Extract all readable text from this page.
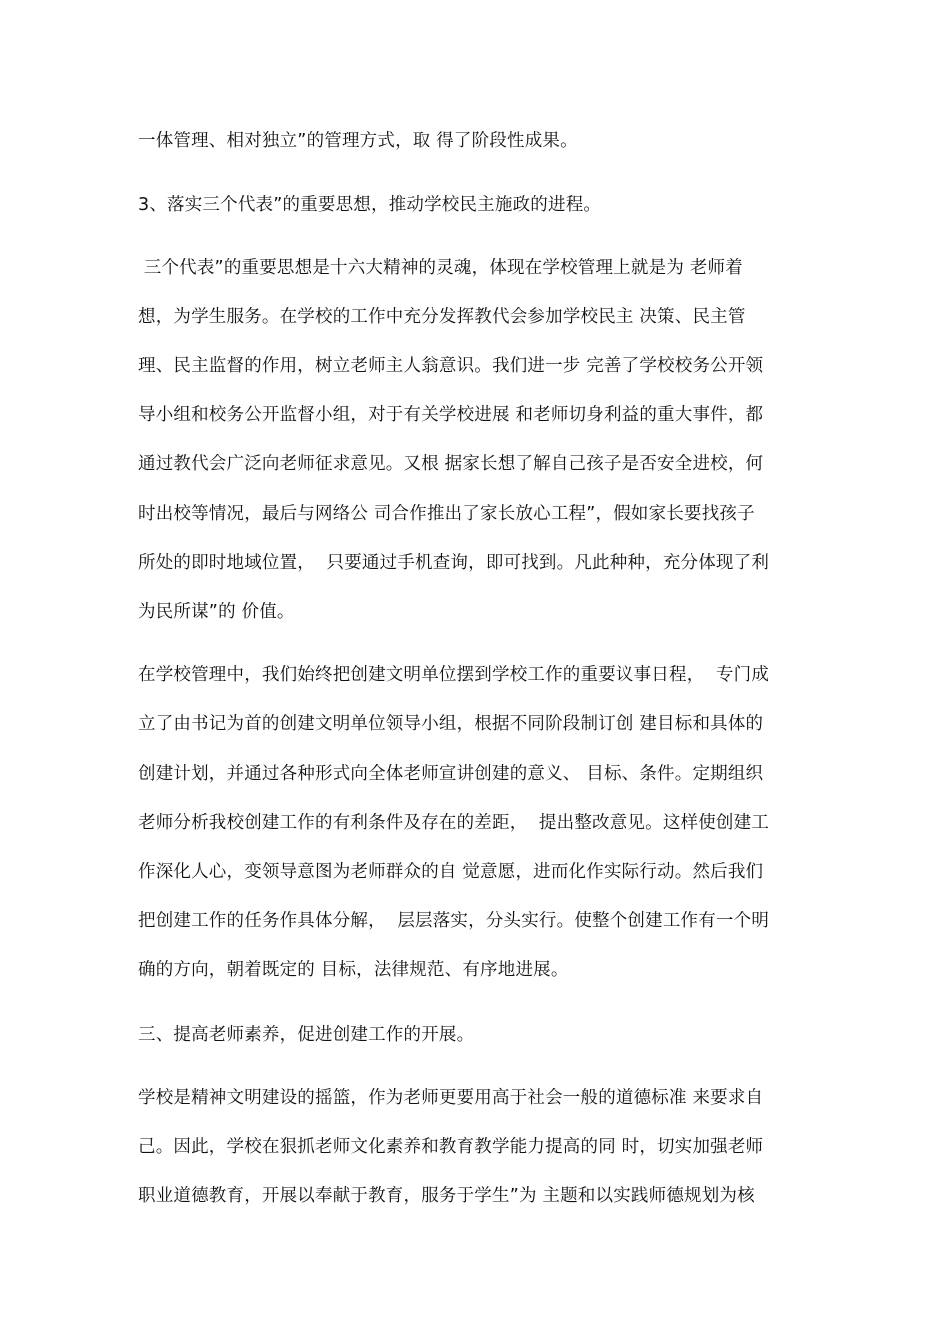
一体管理、相对独立”的管理方式，取 得了阶段性成果。
3、落实三个代表”的重要思想，推动学校民主施政的进程。
三个代表”的重要思想是十六大精神的灵魂，体现在学校管理上就是为 老师着
想，为学生服务。在学校的工作中充分发挥教代会参加学校民主 决策、民主管
理、民主监督的作用，树立老师主人翁意识。我们进一步 完善了学校校务公开领
导小组和校务公开监督小组，对于有关学校进展 和老师切身利益的重大事件，都
通过教代会广泛向老师征求意见。又根 据家长想了解自己孩子是否安全进校，何
时出校等情况，最后与网络公 司合作推出了家长放心工程”，假如家长要找孩子
所处的即时地域位置，  只要通过手机查询，即可找到。凡此种种，充分体现了利
为民所谋”的 价值。
在学校管理中，我们始终把创建文明单位摆到学校工作的重要议事日程，  专门成
立了由书记为首的创建文明单位领导小组，根据不同阶段制订创 建目标和具体的
创建计划，并通过各种形式向全体老师宣讲创建的意义、 目标、条件。定期组织
老师分析我校创建工作的有利条件及存在的差距，  提出整改意见。这样使创建工
作深化人心，变领导意图为老师群众的自 觉意愿，进而化作实际行动。然后我们
把创建工作的任务作具体分解，  层层落实，分头实行。使整个创建工作有一个明
确的方向，朝着既定的 目标，法律规范、有序地进展。
三、提高老师素养，促进创建工作的开展。
学校是精神文明建设的摇篮，作为老师更要用高于社会一般的道德标准 来要求自
己。因此，学校在狠抓老师文化素养和教育教学能力提高的同 时，切实加强老师
职业道德教育，开展以奉献于教育，服务于学生”为 主题和以实践师德规划为核
